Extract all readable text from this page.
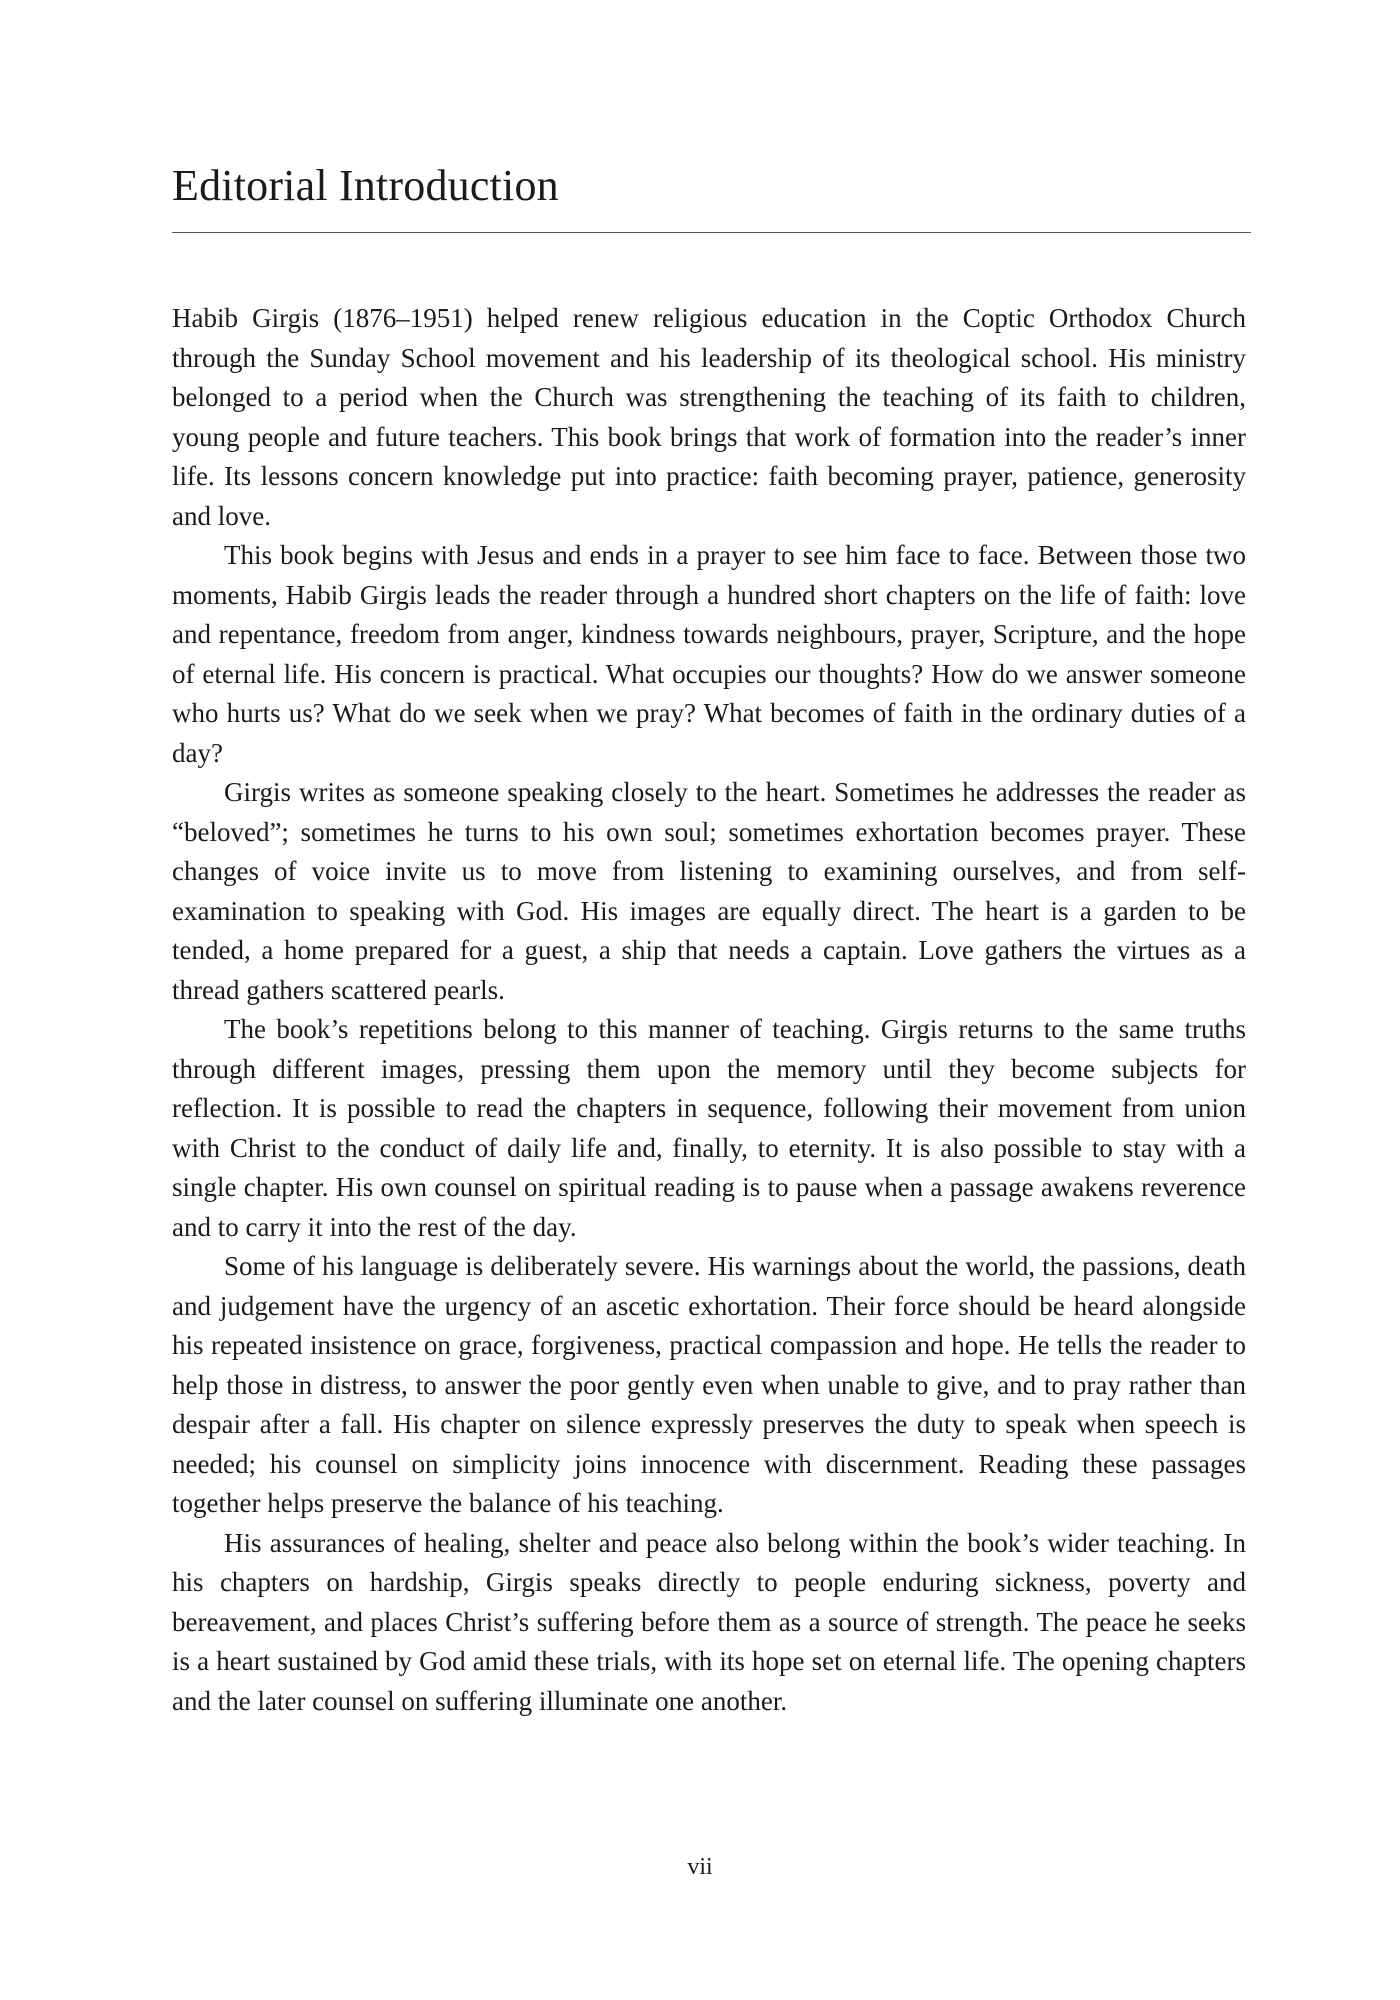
Editorial Introduction

Habib Girgis (1876–1951) helped renew religious education in the Coptic Orthodox Church through the Sunday School movement and his leadership of its theological school. His ministry belonged to a period when the Church was strengthening the teaching of its faith to children, young people and future teachers. This book brings that work of formation into the reader’s inner life. Its lessons concern knowledge put into practice: faith becoming prayer, patience, generosity and love.

This book begins with Jesus and ends in a prayer to see him face to face. Between those two moments, Habib Girgis leads the reader through a hundred short chapters on the life of faith: love and repentance, freedom from anger, kindness towards neighbours, prayer, Scripture, and the hope of eternal life. His concern is practical. What occupies our thoughts? How do we answer someone who hurts us? What do we seek when we pray? What becomes of faith in the ordinary duties of a day?

Girgis writes as someone speaking closely to the heart. Sometimes he addresses the reader as “beloved”; sometimes he turns to his own soul; sometimes exhortation becomes prayer. These changes of voice invite us to move from listening to examining ourselves, and from self-examination to speaking with God. His images are equally direct. The heart is a garden to be tended, a home prepared for a guest, a ship that needs a captain. Love gathers the virtues as a thread gathers scattered pearls.

The book’s repetitions belong to this manner of teaching. Girgis returns to the same truths through different images, pressing them upon the memory until they become subjects for reflection. It is possible to read the chapters in sequence, following their movement from union with Christ to the conduct of daily life and, finally, to eternity. It is also possible to stay with a single chapter. His own counsel on spiritual reading is to pause when a passage awakens reverence and to carry it into the rest of the day.

Some of his language is deliberately severe. His warnings about the world, the passions, death and judgement have the urgency of an ascetic exhortation. Their force should be heard alongside his repeated insistence on grace, forgiveness, practical compassion and hope. He tells the reader to help those in distress, to answer the poor gently even when unable to give, and to pray rather than despair after a fall. His chapter on silence expressly preserves the duty to speak when speech is needed; his counsel on simplicity joins innocence with discernment. Reading these passages together helps preserve the balance of his teaching.

His assurances of healing, shelter and peace also belong within the book’s wider teaching. In his chapters on hardship, Girgis speaks directly to people enduring sickness, poverty and bereavement, and places Christ’s suffering before them as a source of strength. The peace he seeks is a heart sustained by God amid these trials, with its hope set on eternal life. The opening chapters and the later counsel on suffering illuminate one another.

vii
